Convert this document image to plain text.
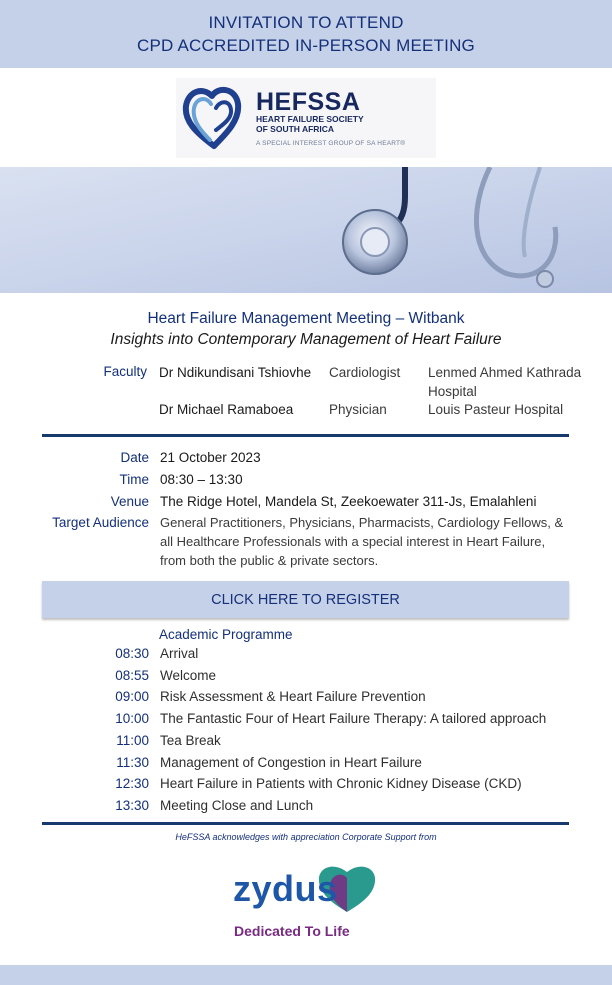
INVITATION TO ATTEND
CPD ACCREDITED IN-PERSON MEETING
HEFSSA
HEART FAILURE SOCIETY
OF SOUTH AFRICA
A SPECIAL INTEREST GROUP OF SA HEART®
Heart Failure Management Meeting – Witbank
Insights into Contemporary Management of Heart Failure
Faculty Dr Ndikundisani Tshiovhe Cardiologist Lenmed Ahmed Kathrada Hospital
Dr Michael Ramaboea	Physician	Louis Pasteur Hospital
Date 21 October 2023
Time 08:30 – 13:30
Venue The Ridge Hotel, Mandela St, Zeekoewater 311-Js, Emalahleni
Target Audience General Practitioners, Physicians, Pharmacists, Cardiology Fellows, & all Healthcare Professionals with a special interest in Heart Failure, from both the public & private sectors.
CLICK HERE TO REGISTER
Academic Programme
08:30 Arrival
08:55 Welcome
09:00 Risk Assessment & Heart Failure Prevention
10:00 The Fantastic Four of Heart Failure Therapy: A tailored approach
11:00 Tea Break
11:30 Management of Congestion in Heart Failure
12:30 Heart Failure in Patients with Chronic Kidney Disease (CKD)
13:30 Meeting Close and Lunch
HeFSSA acknowledges with appreciation Corporate Support from
zydus
Dedicated To Life
